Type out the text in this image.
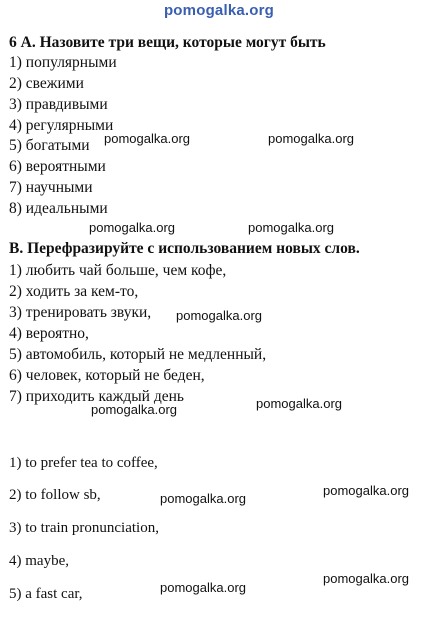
pomogalka.org
6 А. Назовите три вещи, которые могут быть
1) популярными
2) свежими
3) правдивыми
4) регулярными
5) богатыми
6) вероятными
7) научными
8) идеальными
В. Перефразируйте с использованием новых слов.
1) любить чай больше, чем кофе,
2) ходить за кем-то,
3) тренировать звуки,
4) вероятно,
5) автомобиль, который не медленный,
6) человек, который не беден,
7) приходить каждый день
1) to prefer tea to coffee,
2) to follow sb,
3) to train pronunciation,
4) maybe,
5) a fast car,
pomogalka.org	pomogalka.org
pomogalka.org	pomogalka.org
pomogalka.org
pomogalka.org	pomogalka.org
pomogalka.org
pomogalka.org
pomogalka.org
pomogalka.org
